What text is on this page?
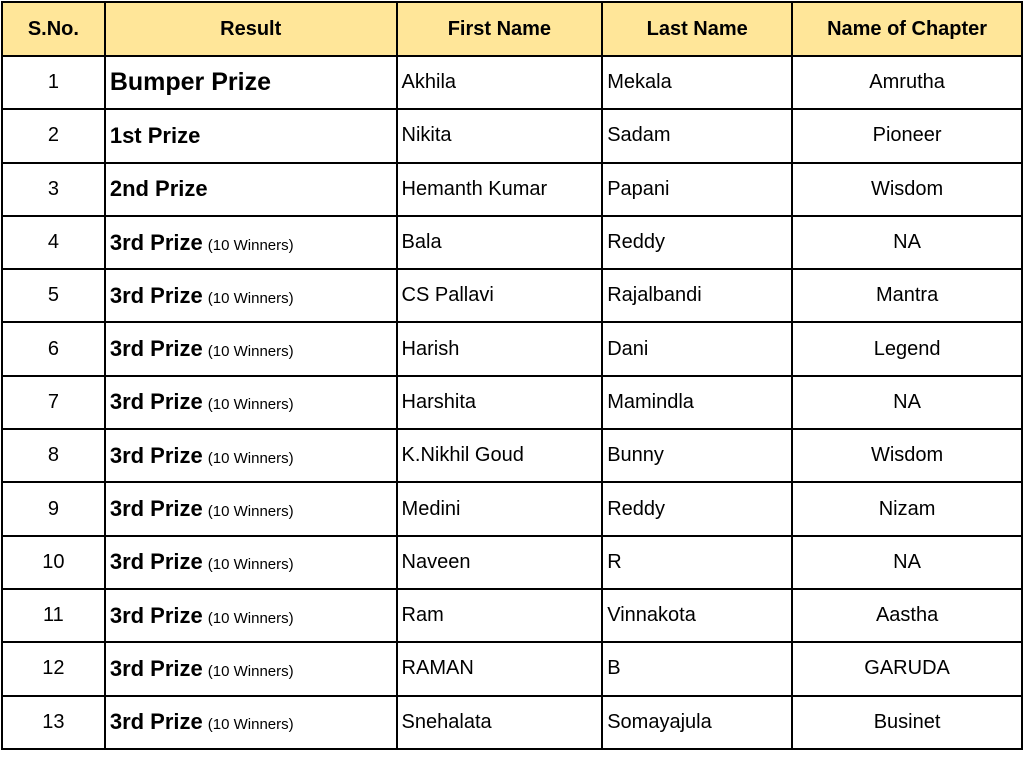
S.No.	Result	First Name	Last Name	Name of Chapter
1	Bumper Prize	Akhila	Mekala	Amrutha
2	1st Prize	Nikita	Sadam	Pioneer
3	2nd Prize	Hemanth Kumar	Papani	Wisdom
4	3rd Prize (10 Winners)	Bala	Reddy	NA
5	3rd Prize (10 Winners)	CS Pallavi	Rajalbandi	Mantra
6	3rd Prize (10 Winners)	Harish	Dani	Legend
7	3rd Prize (10 Winners)	Harshita	Mamindla	NA
8	3rd Prize (10 Winners)	K.Nikhil Goud	Bunny	Wisdom
9	3rd Prize (10 Winners)	Medini	Reddy	Nizam
10	3rd Prize (10 Winners)	Naveen	R	NA
11	3rd Prize (10 Winners)	Ram	Vinnakota	Aastha
12	3rd Prize (10 Winners)	RAMAN	B	GARUDA
13	3rd Prize (10 Winners)	Snehalata	Somayajula	Businet
